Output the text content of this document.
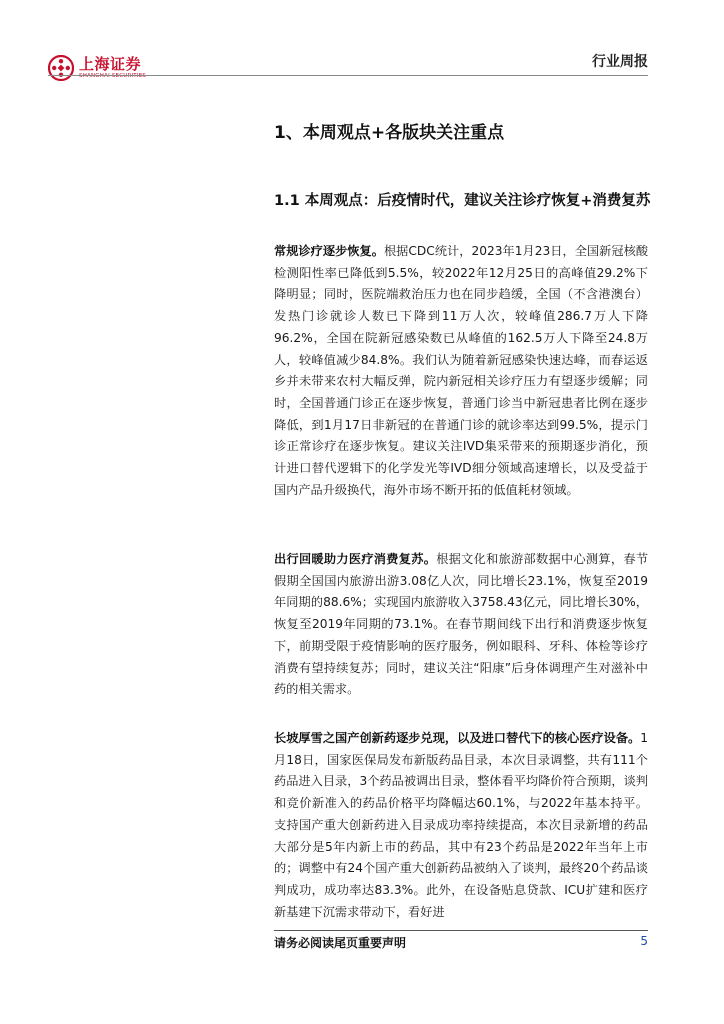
上海证券	行业周报
1、本周观点+各版块关注重点
1.1 本周观点：后疫情时代，建议关注诊疗恢复+消费复苏
常规诊疗逐步恢复。根据CDC统计，2023年1月23日，全国新冠核酸检测阳性率已降低到5.5%，较2022年12月25日的高峰值29.2%下降明显；同时，医院端救治压力也在同步趋缓，全国（不含港澳台）发热门诊就诊人数已下降到11万人次，较峰值286.7万人下降96.2%，全国在院新冠感染数已从峰值的162.5万人下降至24.8万人，较峰值减少84.8%。我们认为随着新冠感染快速达峰，而春运返乡并未带来农村大幅反弹，院内新冠相关诊疗压力有望逐步缓解；同时，全国普通门诊正在逐步恢复，普通门诊当中新冠患者比例在逐步降低，到1月17日非新冠的在普通门诊的就诊率达到99.5%，提示门诊正常诊疗在逐步恢复。建议关注IVD集采带来的预期逐步消化，预计进口替代逻辑下的化学发光等IVD细分领域高速增长，以及受益于国内产品升级换代，海外市场不断开拓的低值耗材领域。
出行回暖助力医疗消费复苏。根据文化和旅游部数据中心测算，春节假期全国国内旅游出游3.08亿人次，同比增长23.1%，恢复至2019年同期的88.6%；实现国内旅游收入3758.43亿元，同比增长30%，恢复至2019年同期的73.1%。在春节期间线下出行和消费逐步恢复下，前期受限于疫情影响的医疗服务，例如眼科、牙科、体检等诊疗消费有望持续复苏；同时，建议关注“阳康”后身体调理产生对滋补中药的相关需求。
长坡厚雪之国产创新药逐步兑现，以及进口替代下的核心医疗设备。1月18日，国家医保局发布新版药品目录，本次目录调整，共有111个药品进入目录，3个药品被调出目录，整体看平均降价符合预期，谈判和竞价新准入的药品价格平均降幅达60.1%，与2022年基本持平。支持国产重大创新药进入目录成功率持续提高，本次目录新增的药品大部分是5年内新上市的药品，其中有23个药品是2022年当年上市的；调整中有24个国产重大创新药品被纳入了谈判，最终20个药品谈判成功，成功率达83.3%。此外，在设备贴息贷款、ICU扩建和医疗新基建下沉需求带动下，看好进
请务必阅读尾页重要声明	5
